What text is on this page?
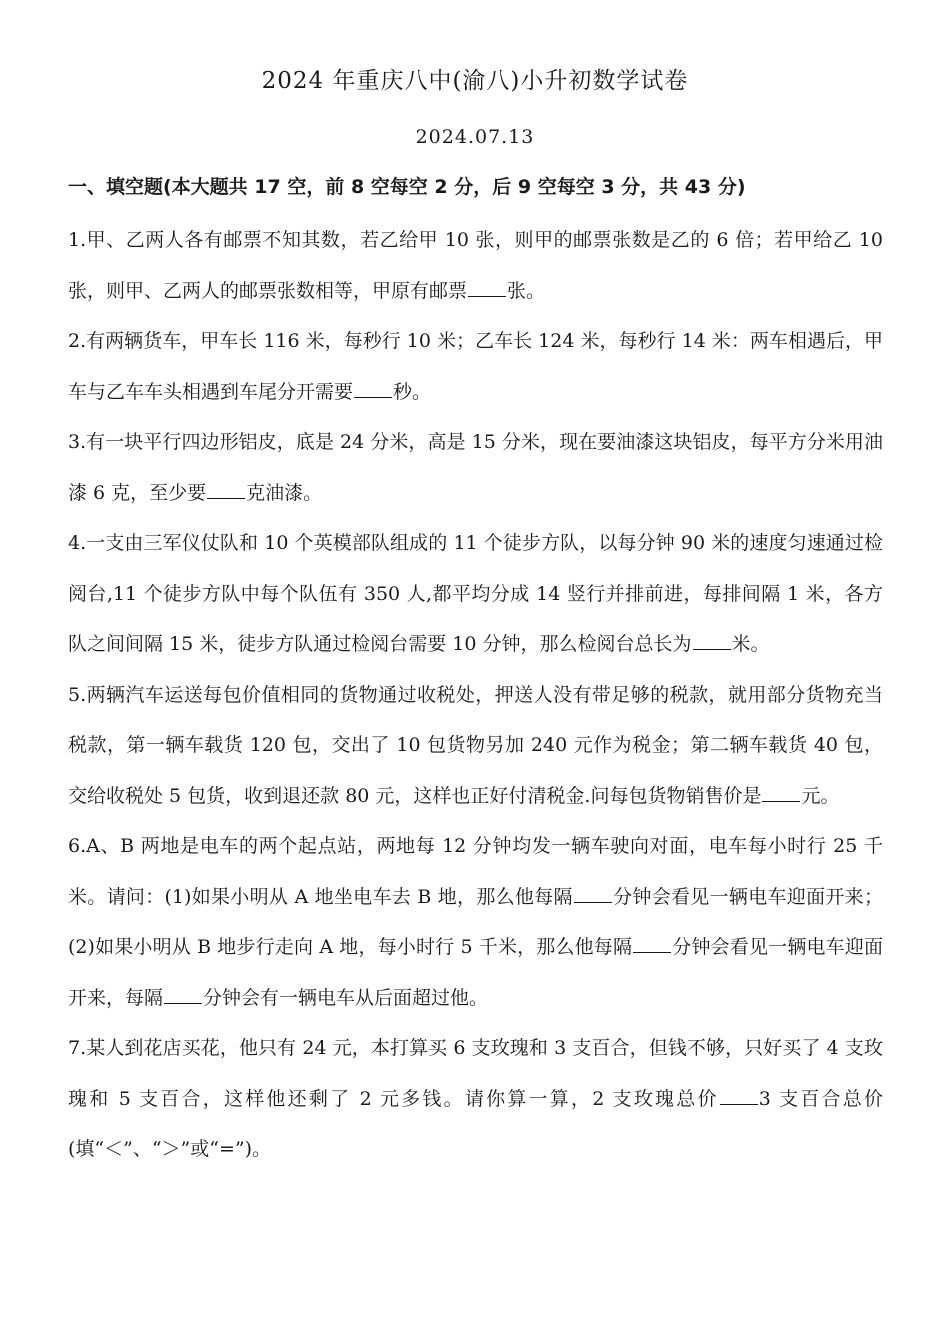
2024 年重庆八中(渝八)小升初数学试卷
2024.07.13
一、填空题(本大题共 17 空，前 8 空每空 2 分，后 9 空每空 3 分，共 43 分)

1.甲、乙两人各有邮票不知其数，若乙给甲 10 张，则甲的邮票张数是乙的 6 倍；若甲给乙 10 张，则甲、乙两人的邮票张数相等，甲原有邮票 张。

2.有两辆货车，甲车长 116 米，每秒行 10 米；乙车长 124 米，每秒行 14 米：两车相遇后，甲车与乙车车头相遇到车尾分开需要 秒。

3.有一块平行四边形铝皮，底是 24 分米，高是 15 分米，现在要油漆这块铝皮，每平方分米用油漆 6 克，至少要 克油漆。

4.一支由三军仪仗队和 10 个英模部队组成的 11 个徒步方队，以每分钟 90 米的速度匀速通过检阅台,11 个徒步方队中每个队伍有 350 人,都平均分成 14 竖行并排前进，每排间隔 1 米，各方队之间间隔 15 米，徒步方队通过检阅台需要 10 分钟，那么检阅台总长为 米。

5.两辆汽车运送每包价值相同的货物通过收税处，押送人没有带足够的税款，就用部分货物充当税款，第一辆车载货 120 包，交出了 10 包货物另加 240 元作为税金；第二辆车载货 40 包，交给收税处 5 包货，收到退还款 80 元，这样也正好付清税金.问每包货物销售价是 元。

6.A、B 两地是电车的两个起点站，两地每 12 分钟均发一辆车驶向对面，电车每小时行 25 千米。请问：(1)如果小明从 A 地坐电车去 B 地，那么他每隔 分钟会看见一辆电车迎面开来；(2)如果小明从 B 地步行走向 A 地，每小时行 5 千米，那么他每隔 分钟会看见一辆电车迎面开来，每隔 分钟会有一辆电车从后面超过他。

7.某人到花店买花，他只有 24 元，本打算买 6 支玫瑰和 3 支百合，但钱不够，只好买了 4 支玫瑰和 5 支百合，这样他还剩了 2 元多钱。请你算一算，2 支玫瑰总价 3 支百合总价(填“＜”、“＞”或“=”)。
